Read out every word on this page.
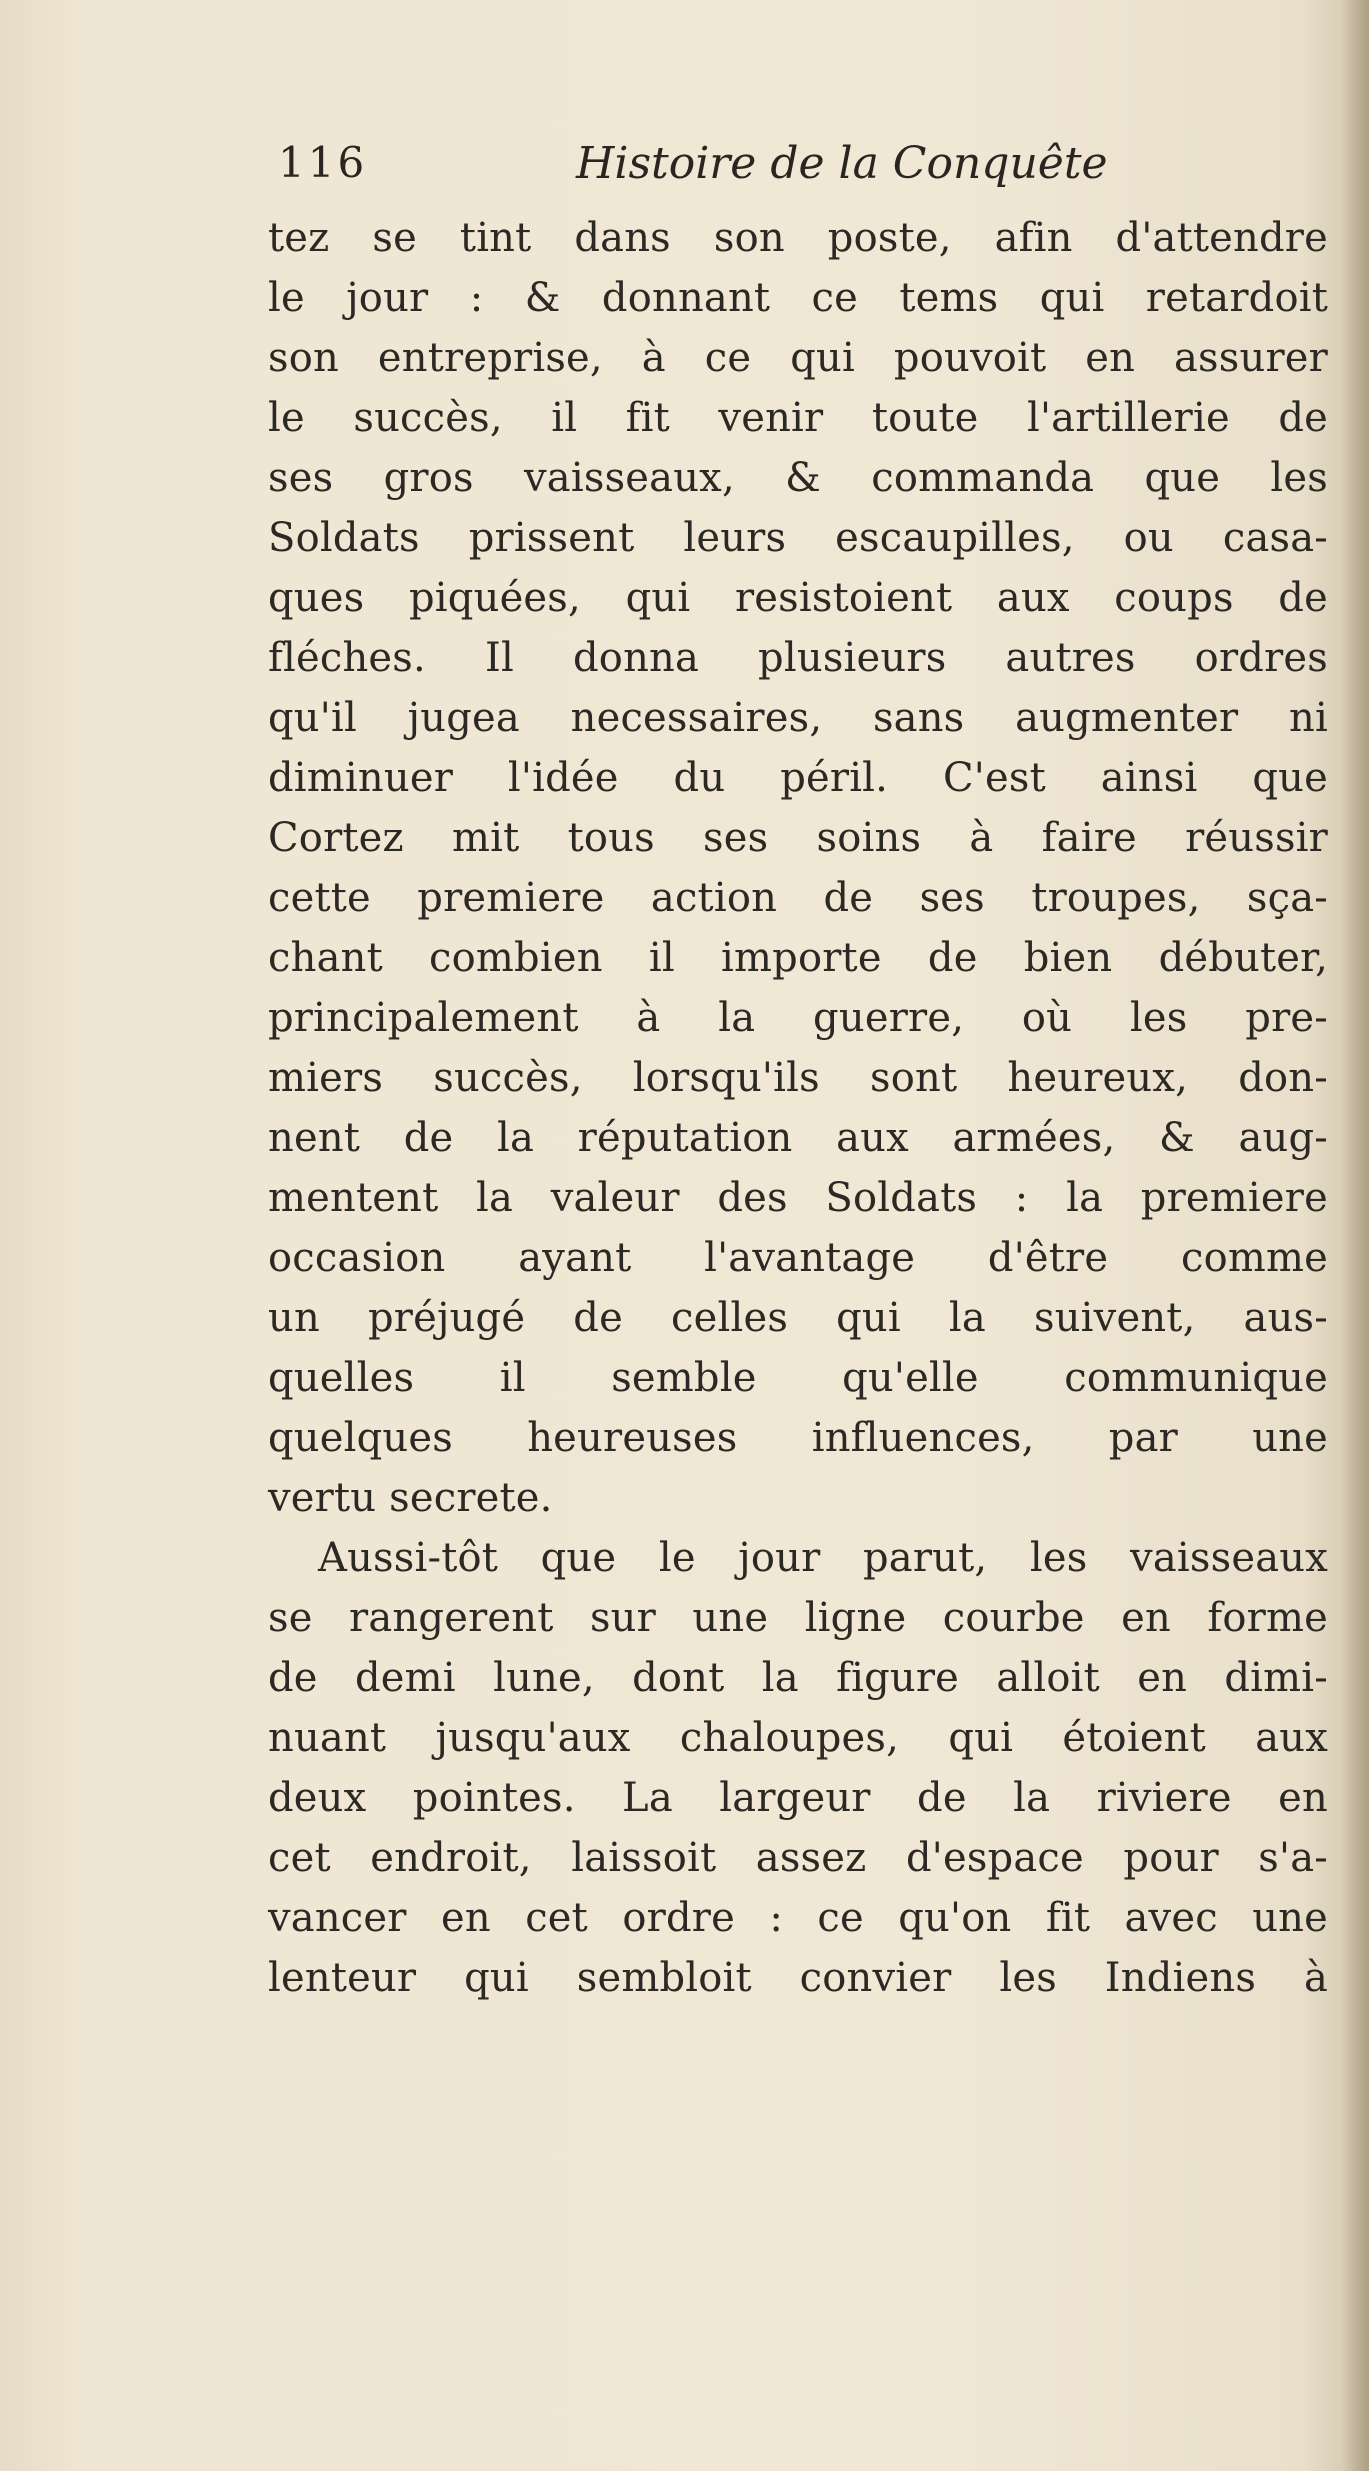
116	Histoire de la Conquête
tez se tint dans son poste, afin d'attendre
le jour : & donnant ce tems qui retardoit
son entreprise, à ce qui pouvoit en assurer
le succès, il fit venir toute l'artillerie de
ses gros vaisseaux, & commanda que les
Soldats prissent leurs escaupilles, ou casa-
ques piquées, qui resistoient aux coups de
fléches. Il donna plusieurs autres ordres
qu'il jugea necessaires, sans augmenter ni
diminuer l'idée du péril. C'est ainsi que
Cortez mit tous ses soins à faire réussir
cette premiere action de ses troupes, sça-
chant combien il importe de bien débuter,
principalement à la guerre, où les pre-
miers succès, lorsqu'ils sont heureux, don-
nent de la réputation aux armées, & aug-
mentent la valeur des Soldats : la premiere
occasion ayant l'avantage d'être comme
un préjugé de celles qui la suivent, aus-
quelles il semble qu'elle communique
quelques heureuses influences, par une
vertu secrete.
Aussi-tôt que le jour parut, les vaisseaux
se rangerent sur une ligne courbe en forme
de demi lune, dont la figure alloit en dimi-
nuant jusqu'aux chaloupes, qui étoient aux
deux pointes. La largeur de la riviere en
cet endroit, laissoit assez d'espace pour s'a-
vancer en cet ordre : ce qu'on fit avec une
lenteur qui sembloit convier les Indiens à
